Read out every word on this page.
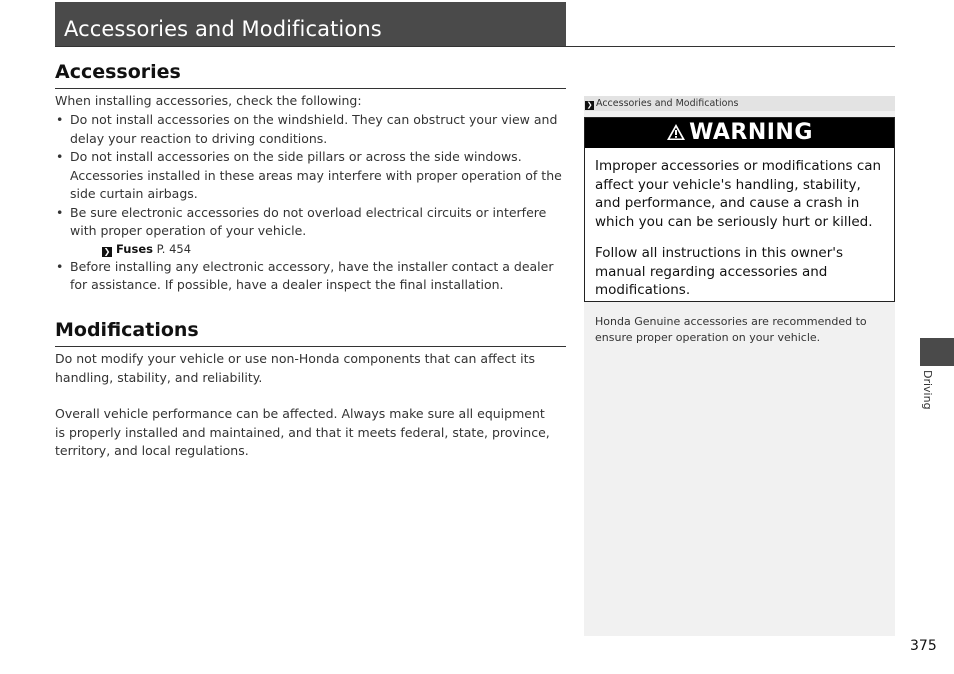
Accessories and Modifications
Accessories
When installing accessories, check the following:
• Do not install accessories on the windshield. They can obstruct your view and delay your reaction to driving conditions.
• Do not install accessories on the side pillars or across the side windows. Accessories installed in these areas may interfere with proper operation of the side curtain airbags.
• Be sure electronic accessories do not overload electrical circuits or interfere with proper operation of your vehicle.
❯ Fuses P. 454
• Before installing any electronic accessory, have the installer contact a dealer for assistance. If possible, have a dealer inspect the final installation.
Modifications

Do not modify your vehicle or use non-Honda components that can affect its handling, stability, and reliability.

Overall vehicle performance can be affected. Always make sure all equipment is properly installed and maintained, and that it meets federal, state, province, territory, and local regulations.

❯ Accessories and Modifications
WARNING

Improper accessories or modifications can affect your vehicle's handling, stability, and performance, and cause a crash in which you can be seriously hurt or killed.

Follow all instructions in this owner's manual regarding accessories and modifications.

Honda Genuine accessories are recommended to ensure proper operation on your vehicle.

Driving
375
